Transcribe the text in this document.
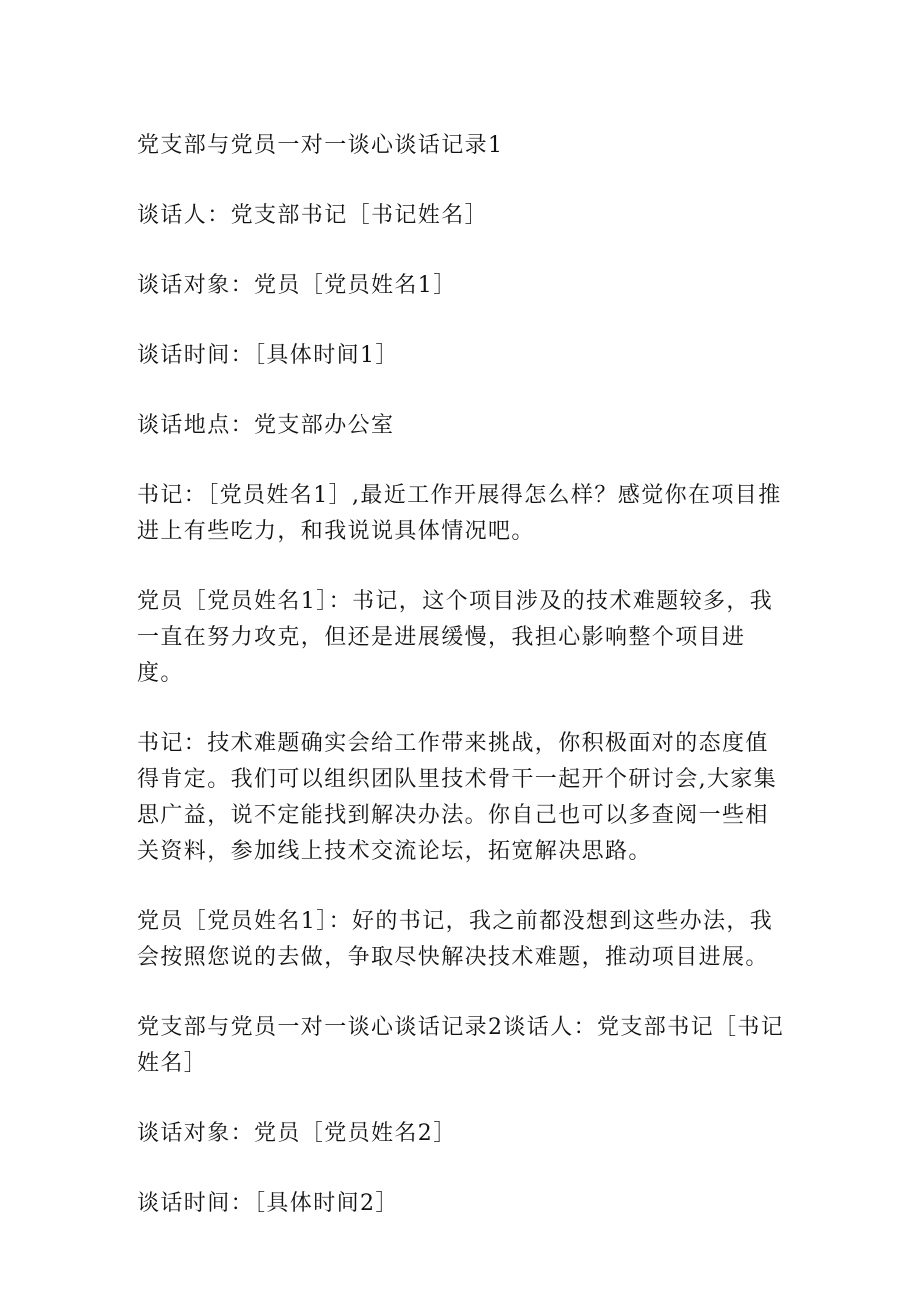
党支部与党员一对一谈心谈话记录1

谈话人：党支部书记［书记姓名］

谈话对象：党员［党员姓名1］

谈话时间：［具体时间1］

谈话地点：党支部办公室

书记：［党员姓名1］,最近工作开展得怎么样？感觉你在项目推进上有些吃力，和我说说具体情况吧。

党员［党员姓名1］：书记，这个项目涉及的技术难题较多，我一直在努力攻克，但还是进展缓慢，我担心影响整个项目进度。

书记：技术难题确实会给工作带来挑战，你积极面对的态度值得肯定。我们可以组织团队里技术骨干一起开个研讨会,大家集思广益，说不定能找到解决办法。你自己也可以多查阅一些相关资料，参加线上技术交流论坛，拓宽解决思路。

党员［党员姓名1］：好的书记，我之前都没想到这些办法，我会按照您说的去做，争取尽快解决技术难题，推动项目进展。

党支部与党员一对一谈心谈话记录2谈话人：党支部书记［书记姓名］

谈话对象：党员［党员姓名2］

谈话时间：［具体时间2］
